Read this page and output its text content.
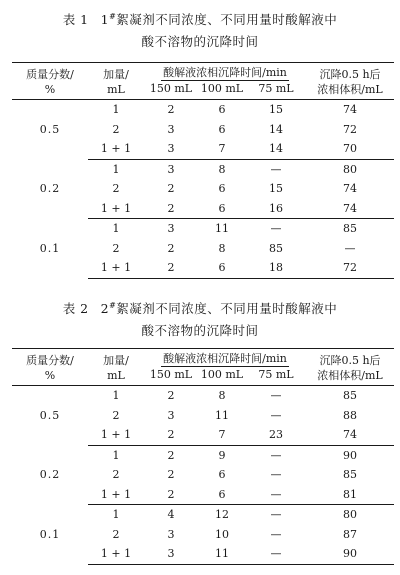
表 1 1#絮凝剂不同浓度、不同用量时酸解液中
酸不溶物的沉降时间
质量分数/
%	加量/
mL	酸解液浓相沉降时间/min			沉降0.5 h后
浓相体积/mL
		150 mL	100 mL	75 mL	
0.5	1	2	6	15	74
	2	3	6	14	72
	1 + 1	3	7	14	70
0.2	1	3	8	—	80
	2	2	6	15	74
	1 + 1	2	6	16	74
0.1	1	3	11	—	85
	2	2	8	85	—
	1 + 1	2	6	18	72
表 2 2#絮凝剂不同浓度、不同用量时酸解液中
酸不溶物的沉降时间
质量分数/
%	加量/
mL	酸解液浓相沉降时间/min			沉降0.5 h后
浓相体积/mL
		150 mL	100 mL	75 mL	
0.5	1	2	8	—	85
	2	3	11	—	88
	1 + 1	2	7	23	74
0.2	1	2	9	—	90
	2	2	6	—	85
	1 + 1	2	6	—	81
0.1	1	4	12	—	80
	2	3	10	—	87
	1 + 1	3	11	—	90
